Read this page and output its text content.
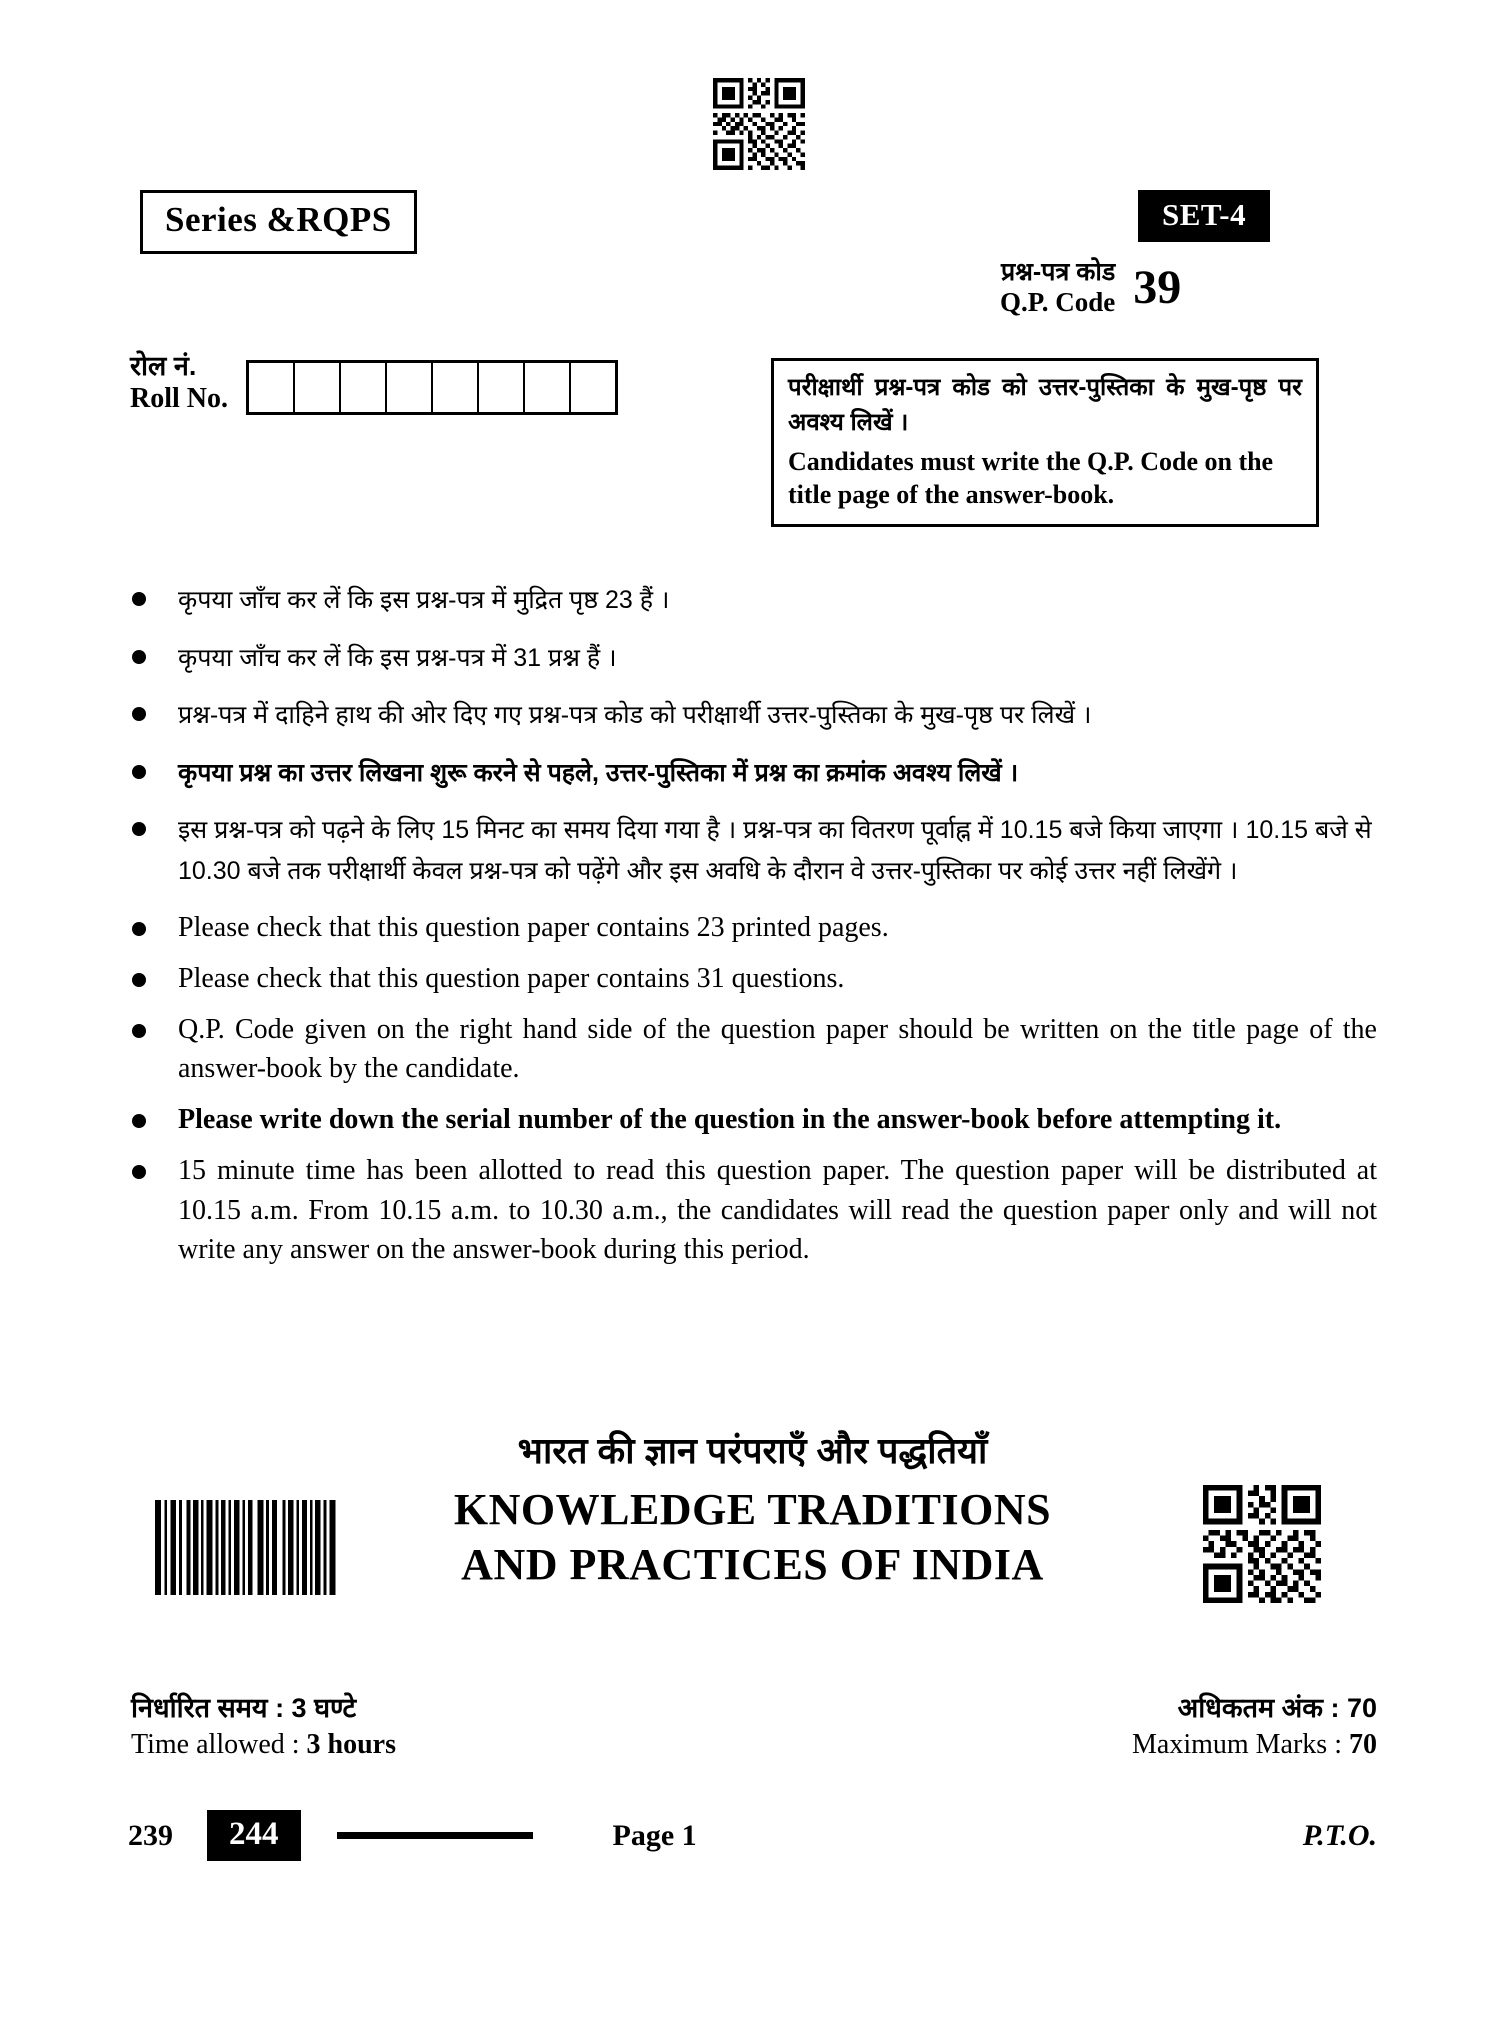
Series &RQPS	SET-4
प्रश्न-पत्र कोड
Q.P. Code 39
रोल नं.
Roll No.	परीक्षार्थी प्रश्न-पत्र कोड को उत्तर-पुस्तिका के मुख-पृष्ठ पर अवश्य लिखें ।
Candidates must write the Q.P. Code on the title page of the answer-book.
कृपया जाँच कर लें कि इस प्रश्न-पत्र में मुद्रित पृष्ठ 23 हैं ।
कृपया जाँच कर लें कि इस प्रश्न-पत्र में 31 प्रश्न हैं ।
प्रश्न-पत्र में दाहिने हाथ की ओर दिए गए प्रश्न-पत्र कोड को परीक्षार्थी उत्तर-पुस्तिका के मुख-पृष्ठ पर लिखें ।
कृपया प्रश्न का उत्तर लिखना शुरू करने से पहले, उत्तर-पुस्तिका में प्रश्न का क्रमांक अवश्य लिखें ।
इस प्रश्न-पत्र को पढ़ने के लिए 15 मिनट का समय दिया गया है । प्रश्न-पत्र का वितरण पूर्वाह्न में 10.15 बजे किया जाएगा । 10.15 बजे से 10.30 बजे तक परीक्षार्थी केवल प्रश्न-पत्र को पढ़ेंगे और इस अवधि के दौरान वे उत्तर-पुस्तिका पर कोई उत्तर नहीं लिखेंगे ।
Please check that this question paper contains 23 printed pages.
Please check that this question paper contains 31 questions.
Q.P. Code given on the right hand side of the question paper should be written on the title page of the answer-book by the candidate.
Please write down the serial number of the question in the answer-book before attempting it.
15 minute time has been allotted to read this question paper. The question paper will be distributed at 10.15 a.m. From 10.15 a.m. to 10.30 a.m., the candidates will read the question paper only and will not write any answer on the answer-book during this period.
भारत की ज्ञान परंपराएँ और पद्धतियाँ
KNOWLEDGE TRADITIONS
AND PRACTICES OF INDIA
निर्धारित समय : 3 घण्टे
Time allowed : 3 hours
अधिकतम अंक : 70
Maximum Marks : 70
239	244	Page 1	P.T.O.
